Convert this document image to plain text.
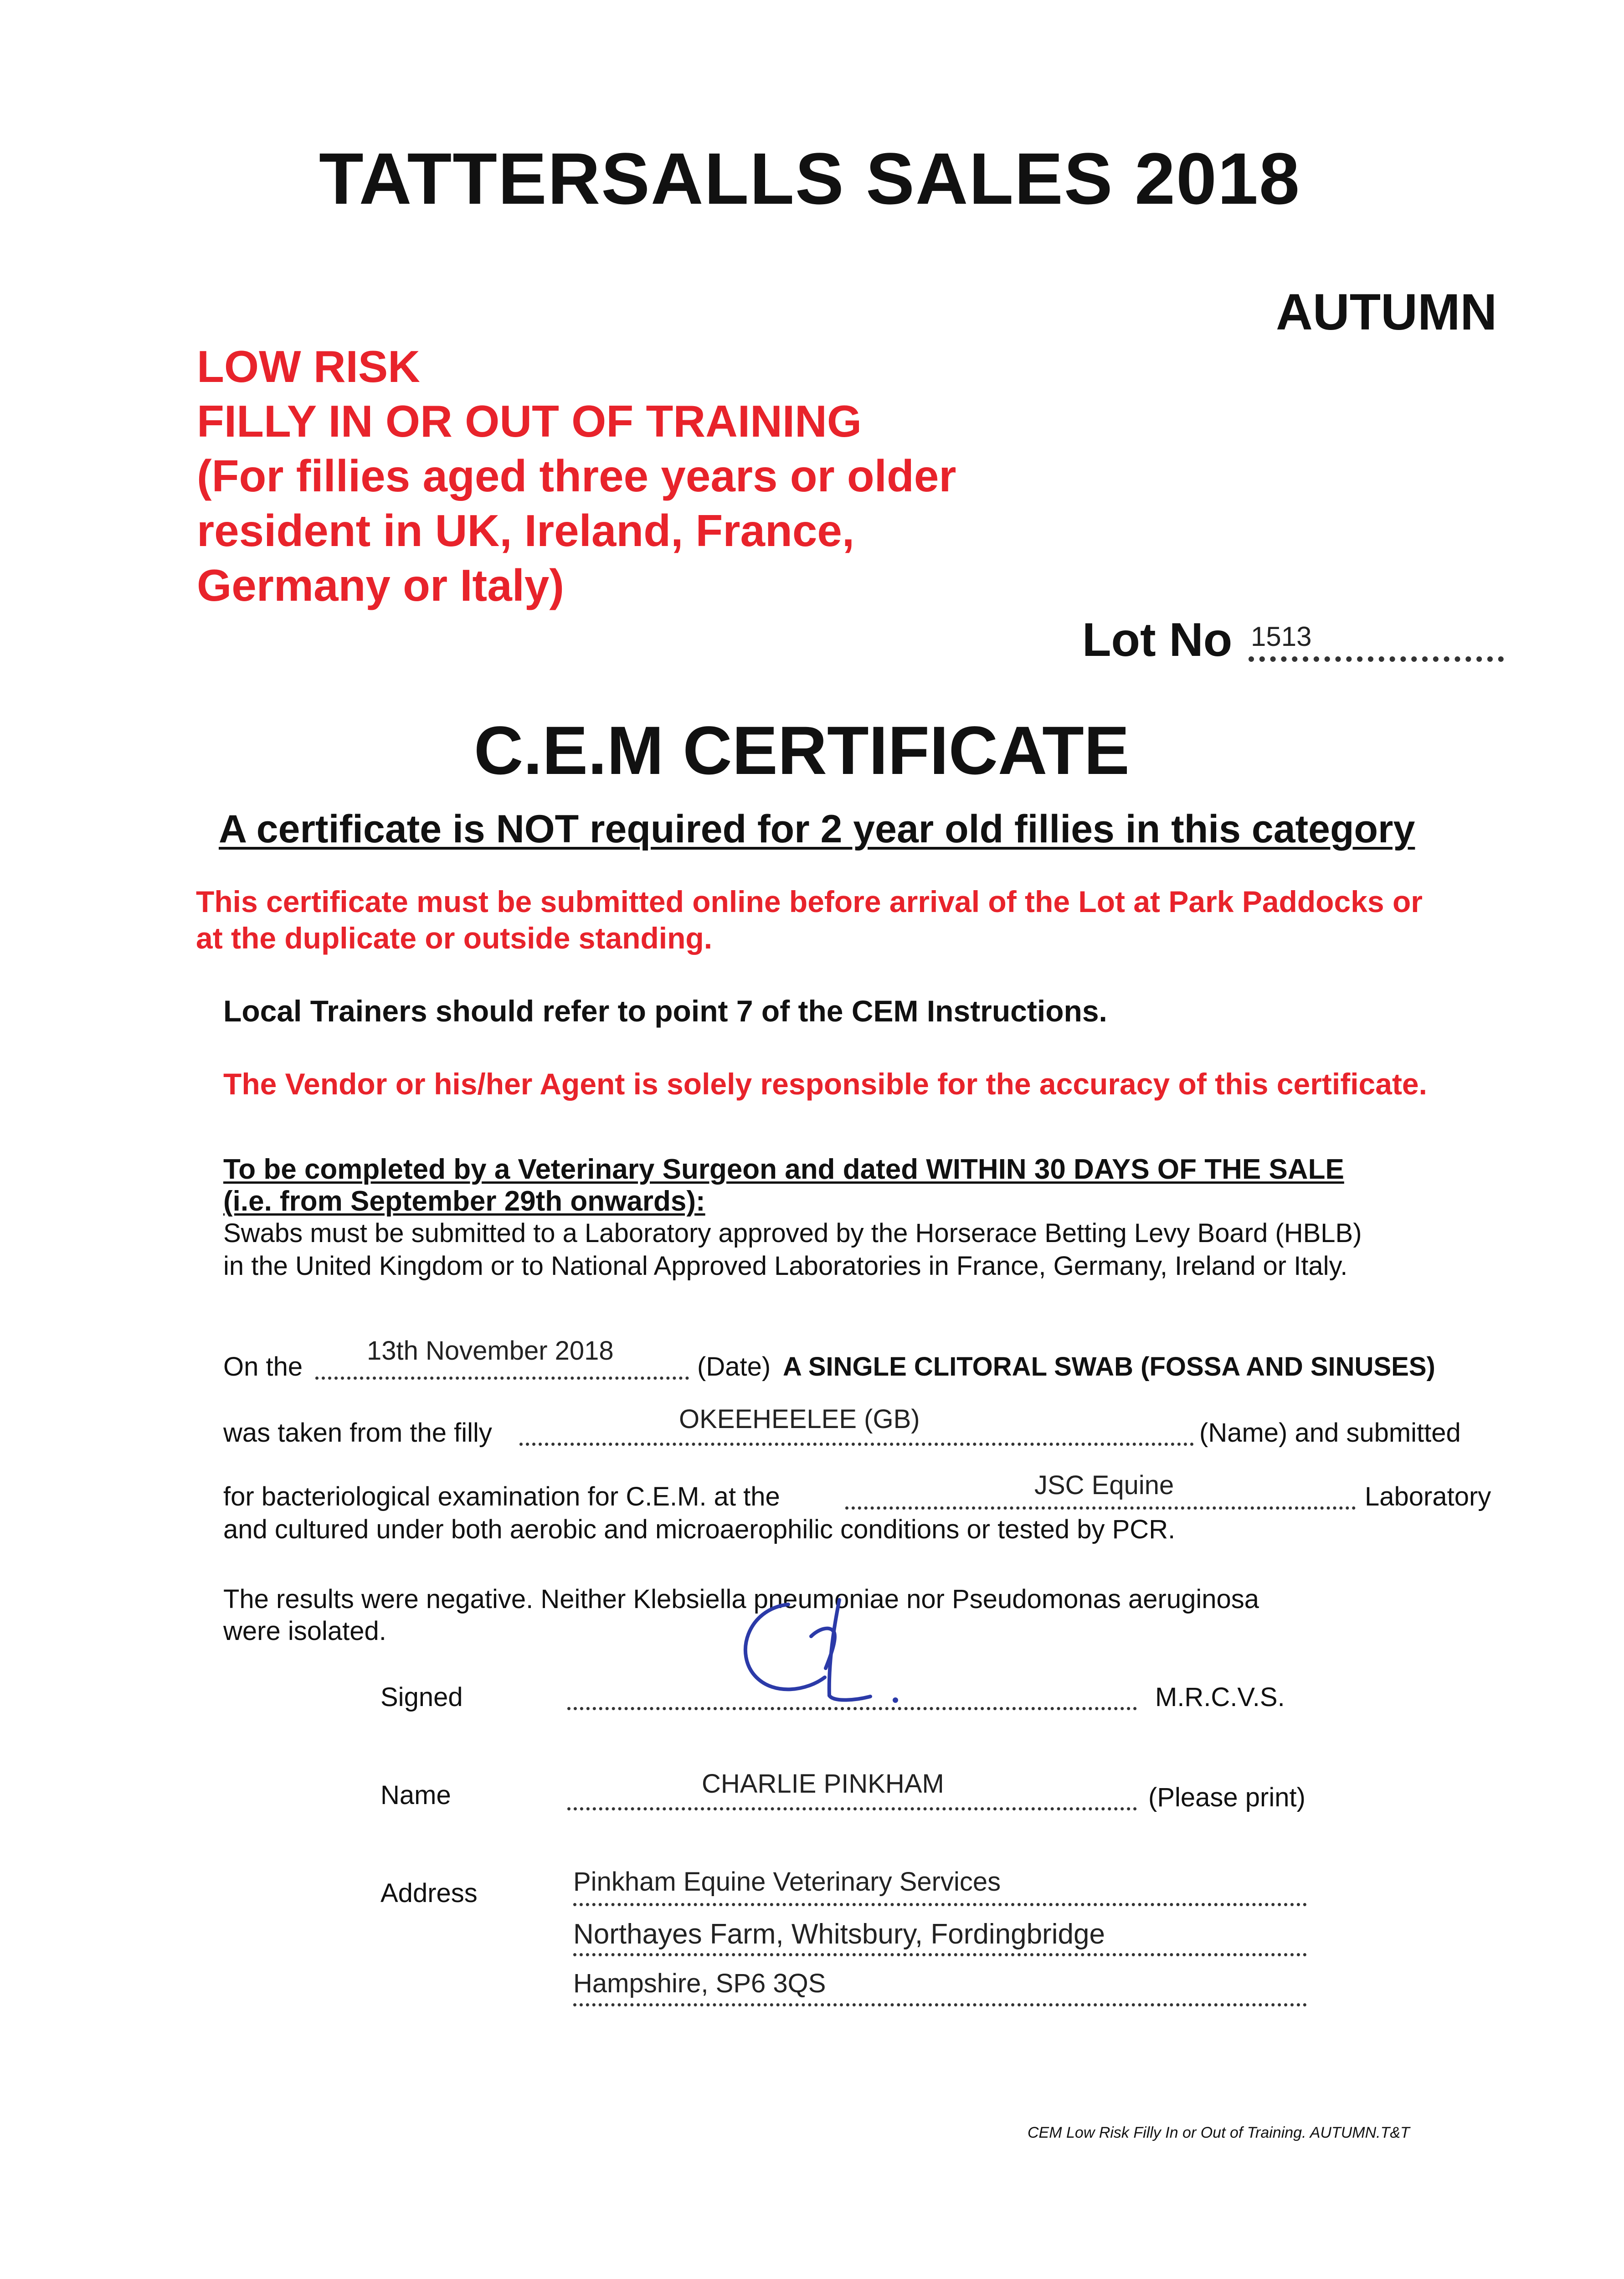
TATTERSALLS SALES 2018
AUTUMN
LOW RISK
FILLY IN OR OUT OF TRAINING
(For fillies aged three years or older
resident in UK, Ireland, France,
Germany or Italy)
Lot No 1513
C.E.M CERTIFICATE
A certificate is NOT required for 2 year old fillies in this category
This certificate must be submitted online before arrival of the Lot at Park Paddocks or
at the duplicate or outside standing.
Local Trainers should refer to point 7 of the CEM Instructions.
The Vendor or his/her Agent is solely responsible for the accuracy of this certificate.
To be completed by a Veterinary Surgeon and dated WITHIN 30 DAYS OF THE SALE
(i.e. from September 29th onwards):
Swabs must be submitted to a Laboratory approved by the Horserace Betting Levy Board (HBLB)
in the United Kingdom or to National Approved Laboratories in France, Germany, Ireland or Italy.
On the
13th November 2018
(Date) A SINGLE CLITORAL SWAB (FOSSA AND SINUSES)
was taken from the filly	OKEEHEELEE (GB)	(Name) and submitted
for bacteriological examination for C.E.M. at the	JSC Equine	Laboratory
and cultured under both aerobic and microaerophilic conditions or tested by PCR.
The results were negative. Neither Klebsiella pneumoniae nor Pseudomonas aeruginosa
were isolated.
Signed	M.R.C.V.S.
Name	CHARLIE PINKHAM	(Please print)
Address	Pinkham Equine Veterinary Services
Northayes Farm, Whitsbury, Fordingbridge
Hampshire, SP6 3QS
CEM Low Risk Filly In or Out of Training. AUTUMN.T&T
